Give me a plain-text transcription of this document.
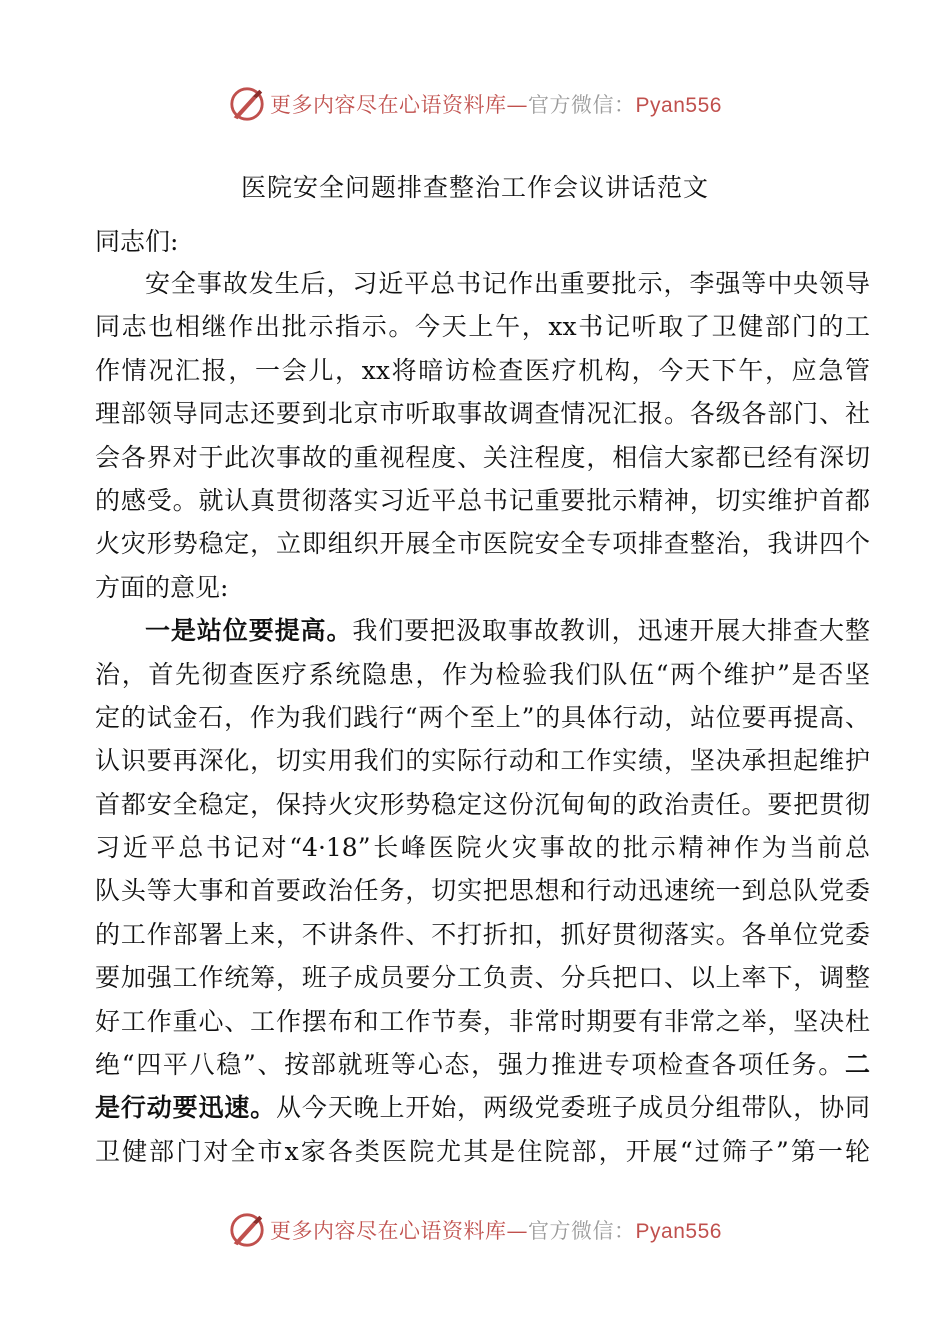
更多内容尽在心语资料库—官方微信：Pyan556
医院安全问题排查整治工作会议讲话范文
同志们:
安全事故发生后，习近平总书记作出重要批示，李强等中央领导
同志也相继作出批示指示。今天上午，xx书记听取了卫健部门的工
作情况汇报，一会儿，xx将暗访检查医疗机构，今天下午，应急管
理部领导同志还要到北京市听取事故调查情况汇报。各级各部门、社
会各界对于此次事故的重视程度、关注程度，相信大家都已经有深切
的感受。就认真贯彻落实习近平总书记重要批示精神，切实维护首都
火灾形势稳定，立即组织开展全市医院安全专项排查整治，我讲四个
方面的意见:
一是站位要提高。我们要把汲取事故教训，迅速开展大排查大整
治，首先彻查医疗系统隐患，作为检验我们队伍“两个维护”是否坚
定的试金石，作为我们践行“两个至上”的具体行动，站位要再提高、
认识要再深化，切实用我们的实际行动和工作实绩，坚决承担起维护
首都安全稳定，保持火灾形势稳定这份沉甸甸的政治责任。要把贯彻
习近平总书记对“4·18”长峰医院火灾事故的批示精神作为当前总
队头等大事和首要政治任务，切实把思想和行动迅速统一到总队党委
的工作部署上来，不讲条件、不打折扣，抓好贯彻落实。各单位党委
要加强工作统筹，班子成员要分工负责、分兵把口、以上率下，调整
好工作重心、工作摆布和工作节奏，非常时期要有非常之举，坚决杜
绝“四平八稳”、按部就班等心态，强力推进专项检查各项任务。二
是行动要迅速。从今天晚上开始，两级党委班子成员分组带队，协同
卫健部门对全市x家各类医院尤其是住院部，开展“过筛子”第一轮
更多内容尽在心语资料库—官方微信：Pyan556
